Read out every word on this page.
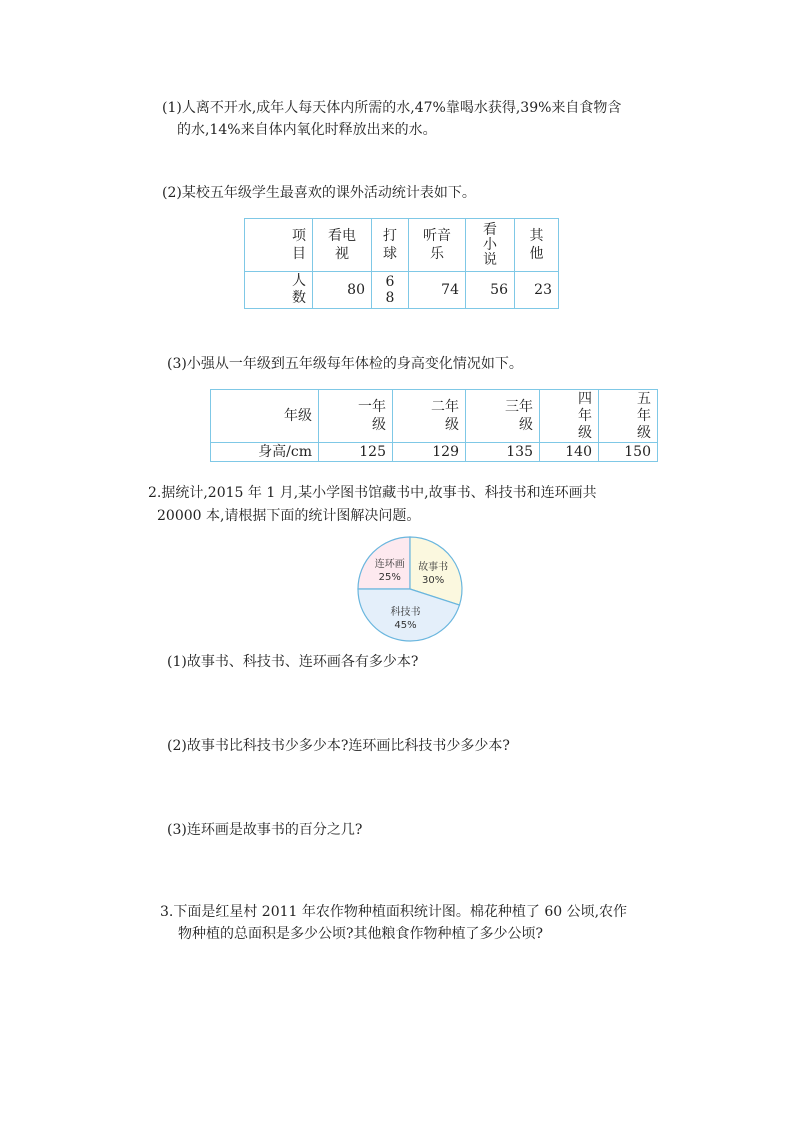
(1)人离不开水,成年人每天体内所需的水,47%靠喝水获得,39%来自食物含
的水,14%来自体内氧化时释放出来的水。
(2)某校五年级学生最喜欢的课外活动统计表如下。
项目	看电视	打球	听音乐	看小说	其他
人数	80	68	74	56	23
(3)小强从一年级到五年级每年体检的身高变化情况如下。
年级	一年级	二年级	三年级	四年级	五年级
身高/cm	125	129	135	140	150
2.据统计,2015 年 1 月,某小学图书馆藏书中,故事书、科技书和连环画共
20000 本,请根据下面的统计图解决问题。
连环画
25%
故事书
30%
科技书
45%
(1)故事书、科技书、连环画各有多少本?
(2)故事书比科技书少多少本?连环画比科技书少多少本?
(3)连环画是故事书的百分之几?
3.下面是红星村 2011 年农作物种植面积统计图。棉花种植了 60 公顷,农作
物种植的总面积是多少公顷?其他粮食作物种植了多少公顷?
